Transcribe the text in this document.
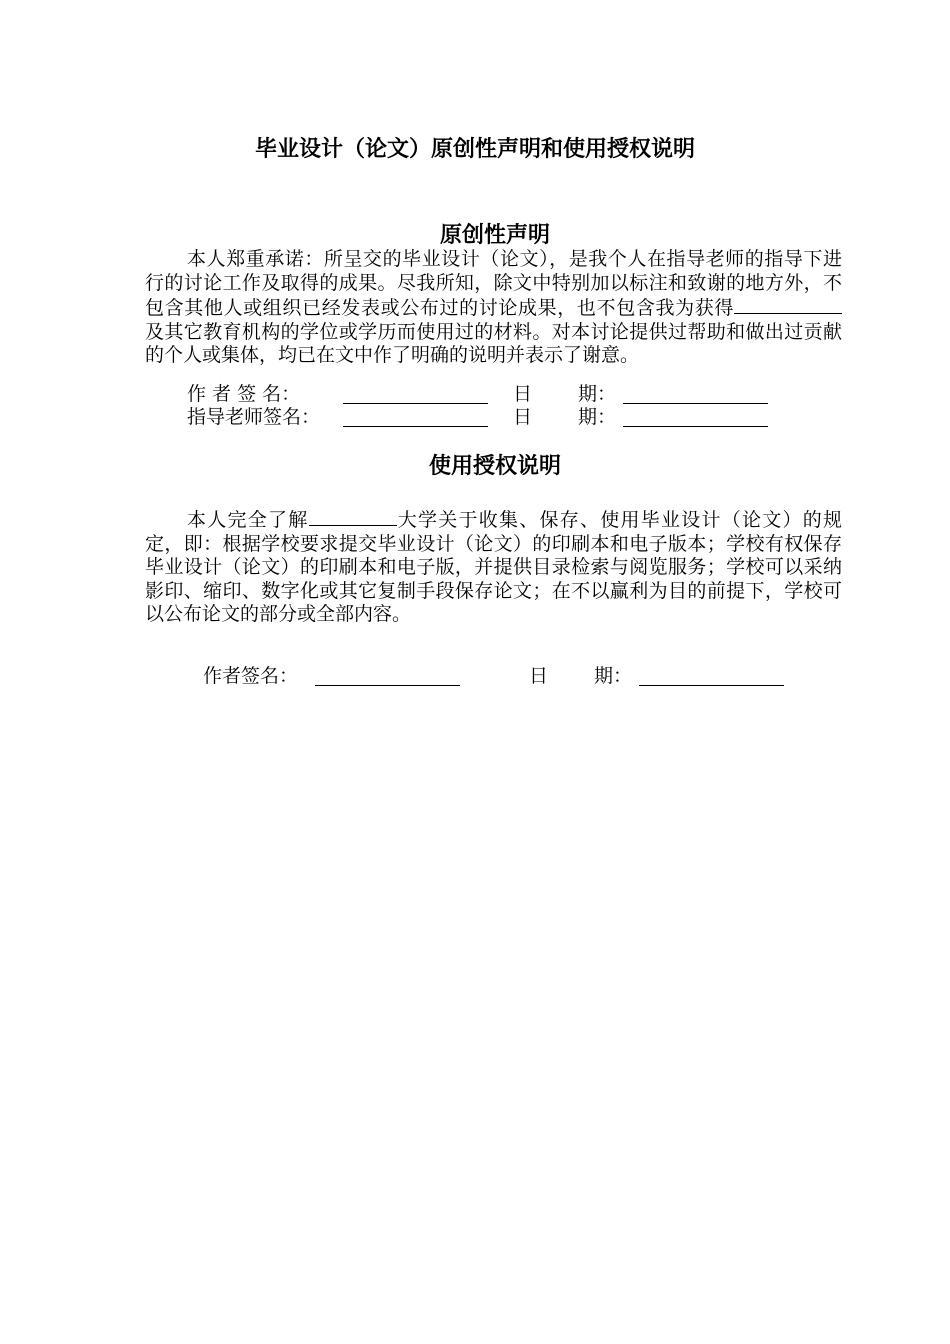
毕业设计（论文）原创性声明和使用授权说明
原创性声明

本人郑重承诺：所呈交的毕业设计（论文），是我个人在指导老师的指导下进行的讨论工作及取得的成果。尽我所知，除文中特别加以标注和致谢的地方外，不包含其他人或组织已经发表或公布过的讨论成果，也不包含我为获得及其它教育机构的学位或学历而使用过的材料。对本讨论提供过帮助和做出过贡献的个人或集体，均已在文中作了明确的说明并表示了谢意。

作 者 签 名：	日 期：
指导老师签名：	日 期：
使用授权说明

本人完全了解	大学关于收集、保存、使用毕业设计（论文）的规定，即：根据学校要求提交毕业设计（论文）的印刷本和电子版本；学校有权保存毕业设计（论文）的印刷本和电子版，并提供目录检索与阅览服务；学校可以采纳影印、缩印、数字化或其它复制手段保存论文；在不以赢利为目的前提下，学校可以公布论文的部分或全部内容。

作者签名：	日 期：
